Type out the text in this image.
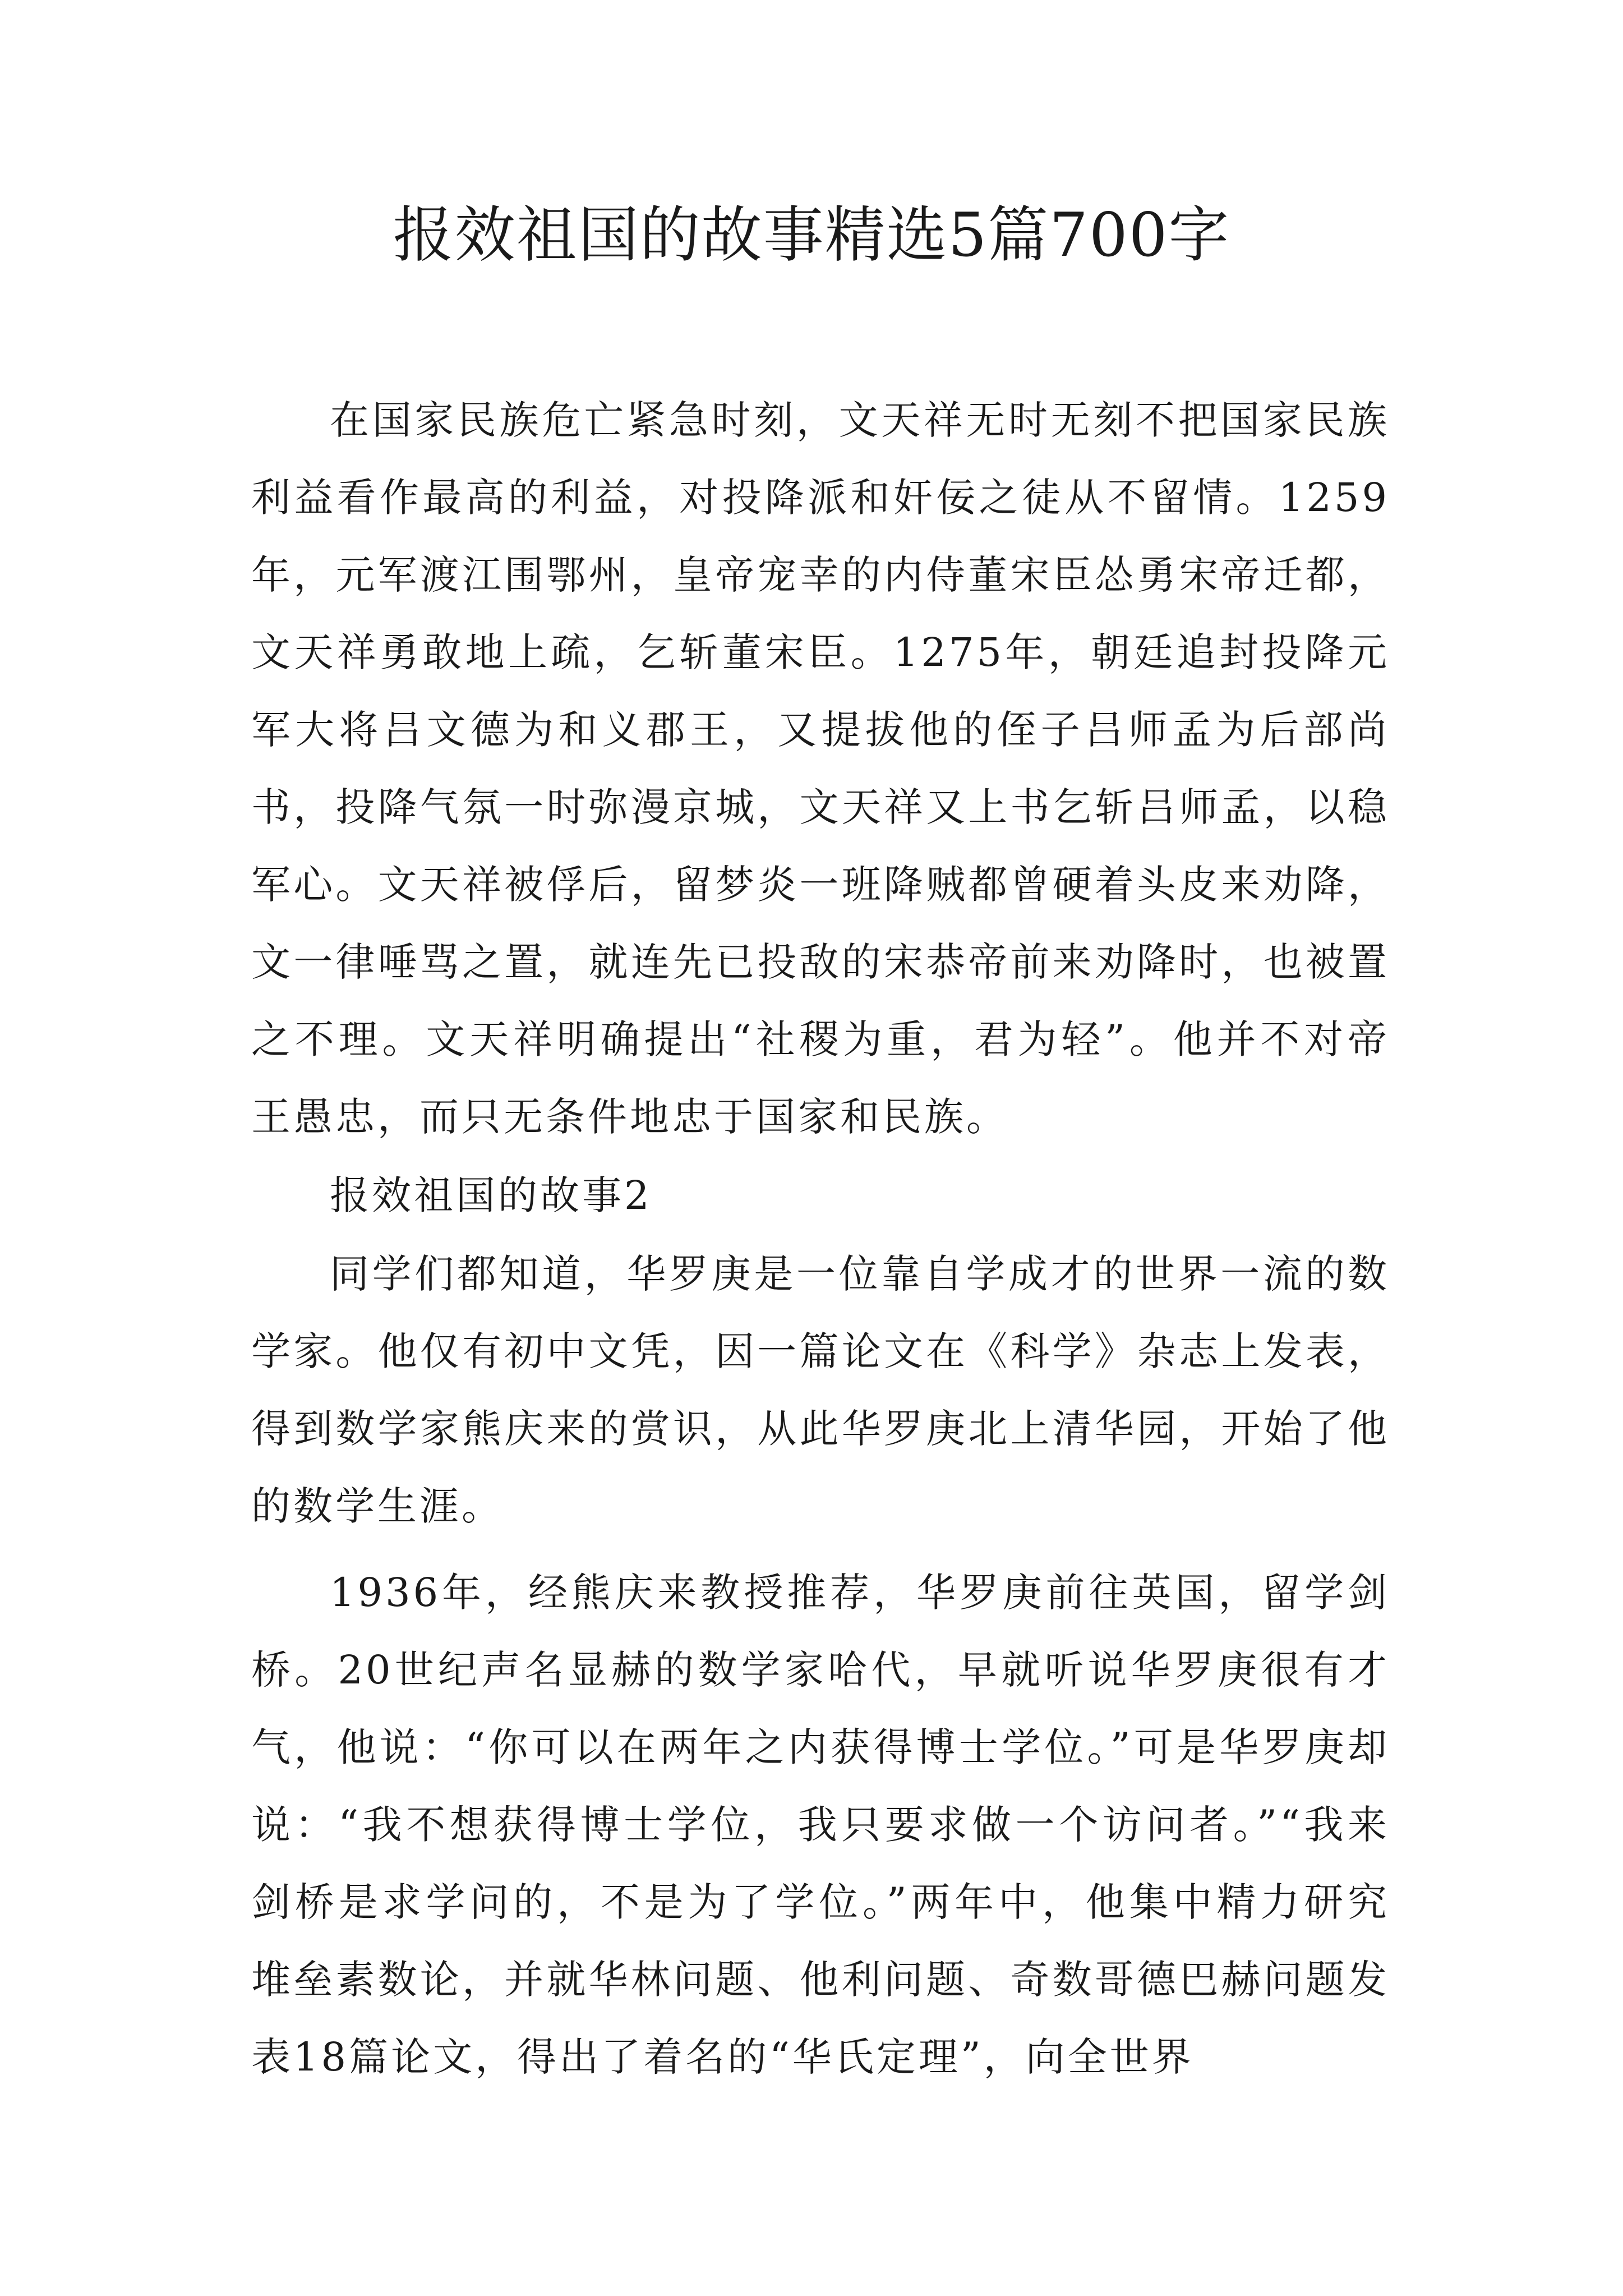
报效祖国的故事精选5篇700字

在国家民族危亡紧急时刻，文天祥无时无刻不把国家民族利益看作最高的利益，对投降派和奸佞之徒从不留情。1259年，元军渡江围鄂州，皇帝宠幸的内侍董宋臣怂勇宋帝迁都，文天祥勇敢地上疏，乞斩董宋臣。1275年，朝廷追封投降元军大将吕文德为和义郡王，又提拔他的侄子吕师孟为后部尚书，投降气氛一时弥漫京城，文天祥又上书乞斩吕师孟，以稳军心。文天祥被俘后，留梦炎一班降贼都曾硬着头皮来劝降，文一律唾骂之置，就连先已投敌的宋恭帝前来劝降时，也被置之不理。文天祥明确提出“社稷为重，君为轻”。他并不对帝王愚忠，而只无条件地忠于国家和民族。

报效祖国的故事2

同学们都知道，华罗庚是一位靠自学成才的世界一流的数学家。他仅有初中文凭，因一篇论文在《科学》杂志上发表，得到数学家熊庆来的赏识，从此华罗庚北上清华园，开始了他的数学生涯。

1936年，经熊庆来教授推荐，华罗庚前往英国，留学剑桥。20世纪声名显赫的数学家哈代，早就听说华罗庚很有才气，他说：“你可以在两年之内获得博士学位。”可是华罗庚却说：“我不想获得博士学位，我只要求做一个访问者。”“我来剑桥是求学问的，不是为了学位。”两年中，他集中精力研究堆垒素数论，并就华林问题、他利问题、奇数哥德巴赫问题发表18篇论文，得出了着名的“华氏定理”，向全世界
